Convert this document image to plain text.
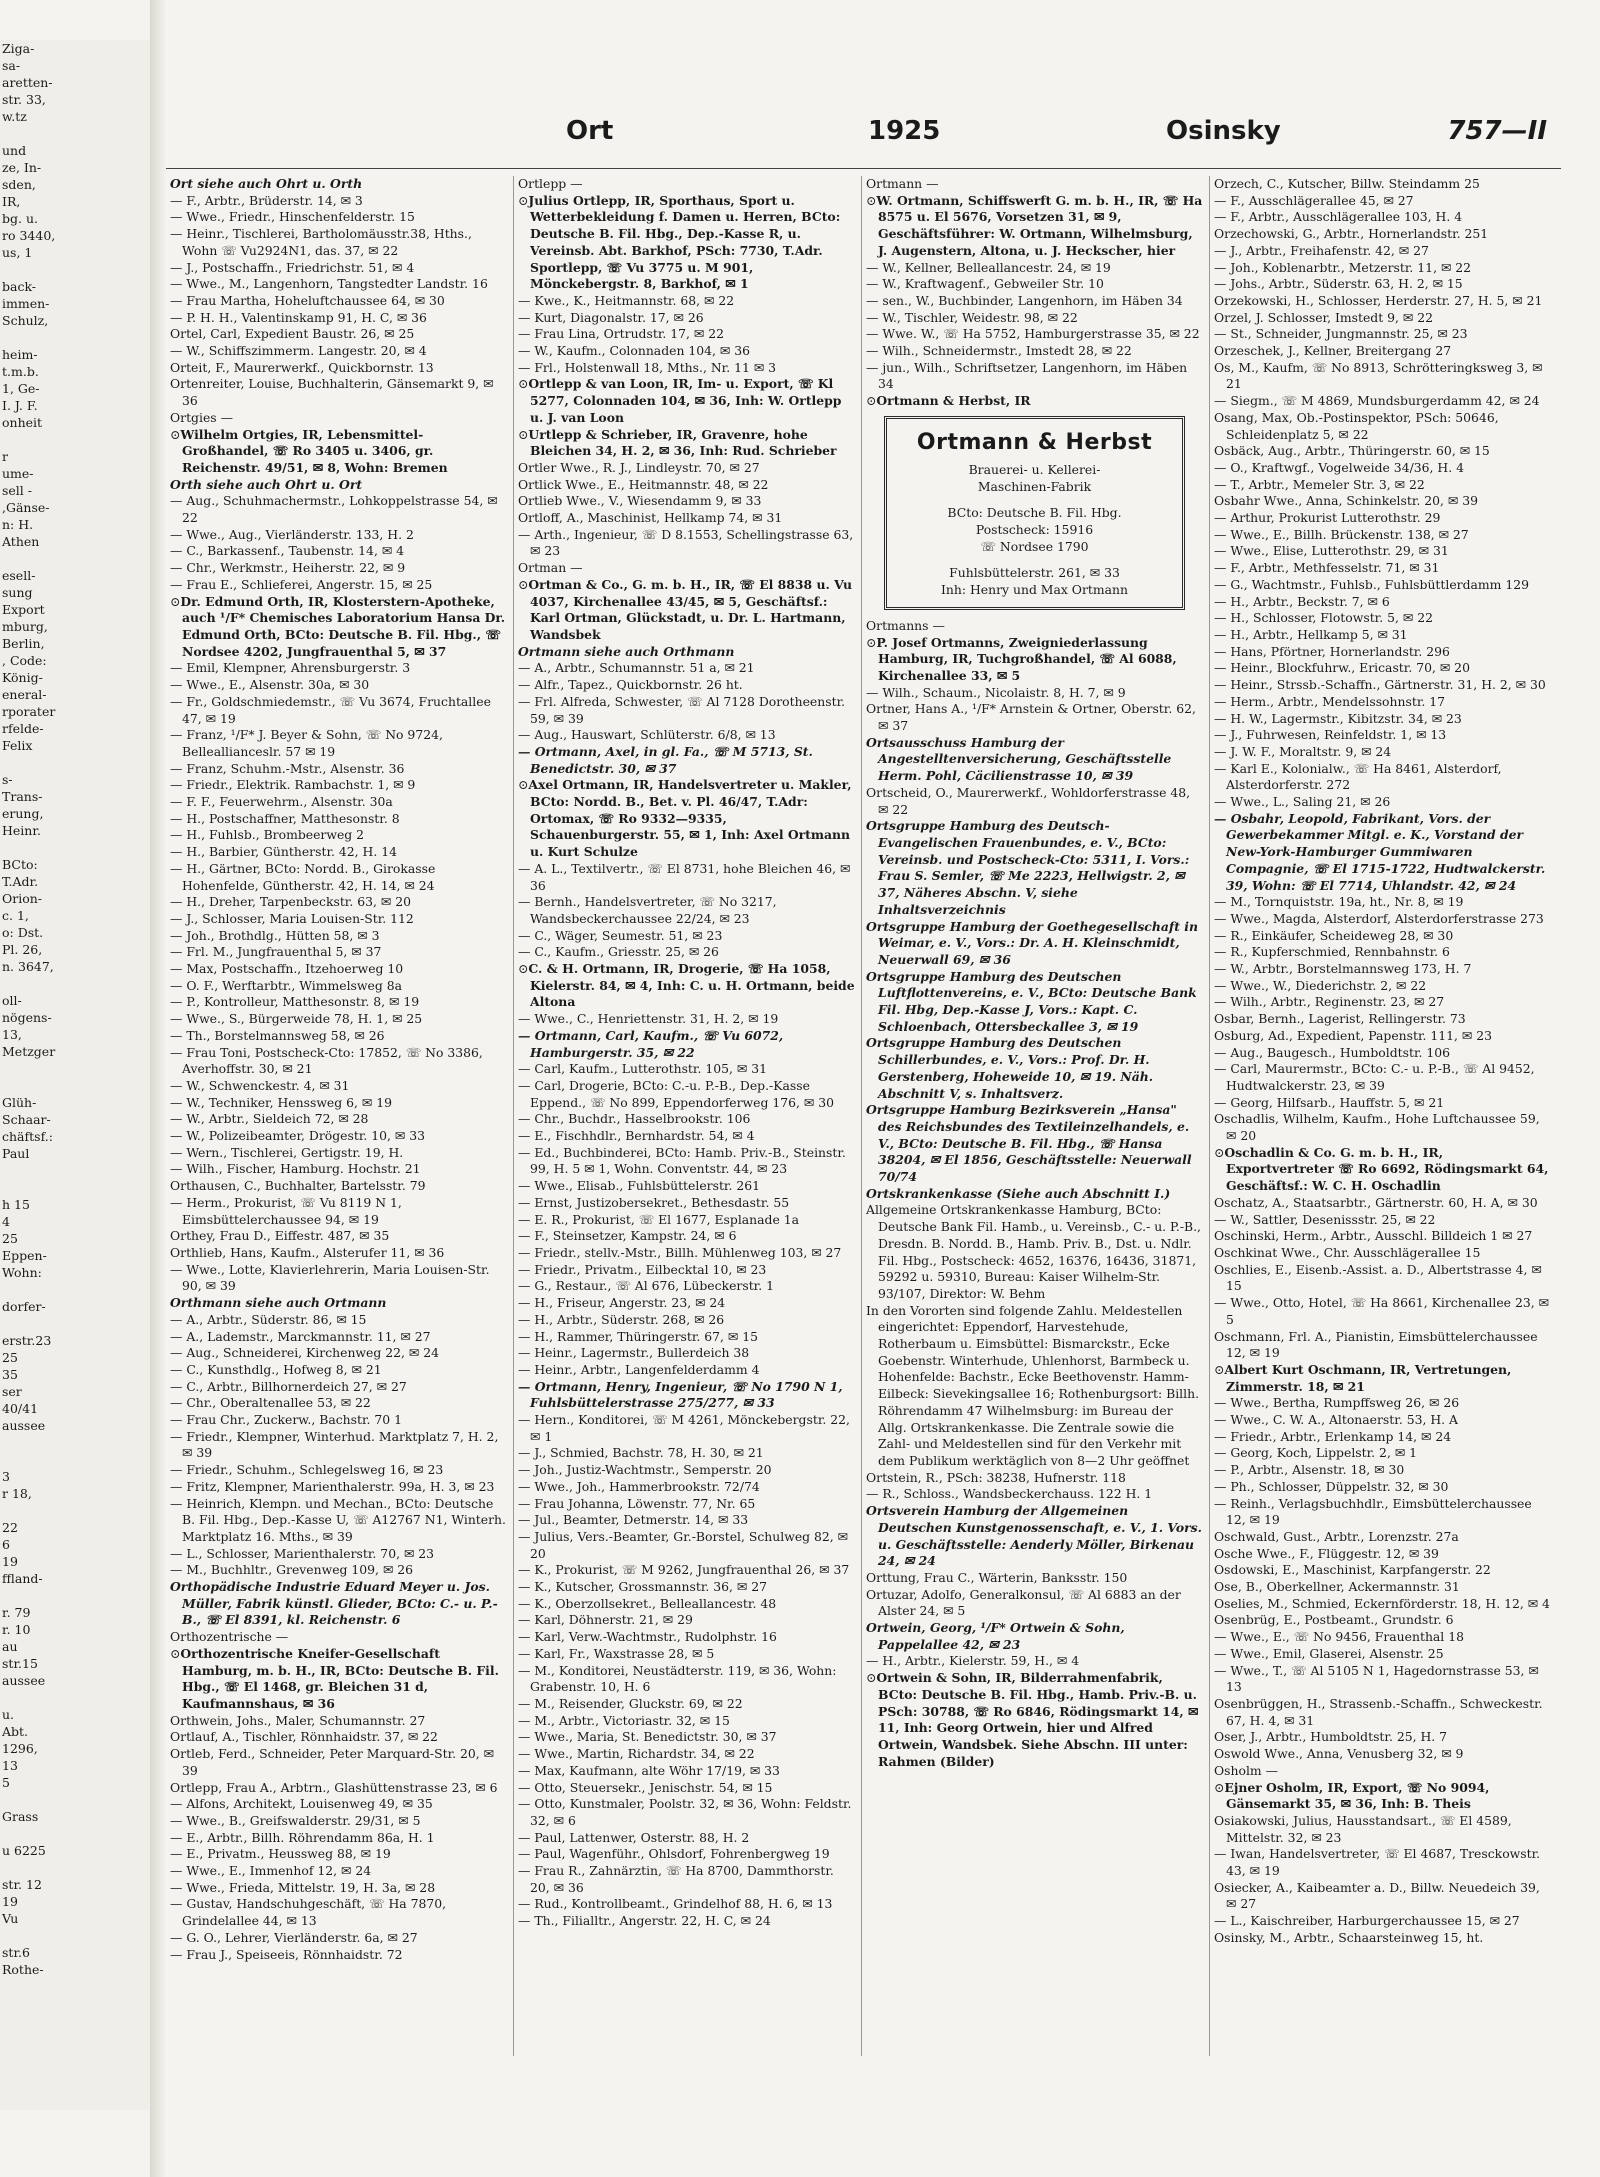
Ziga-
sa-
aretten-
str. 33,
w.tz

und
ze, In-
sden,
IR,
bg. u.
ro 3440,
us, 1

back-
immen-
Schulz,

heim-
t.m.b.
1, Ge-
I. J. F.
onheit

r
ume-
sell -
,Gänse-
n: H.
Athen

esell-
sung
Export
mburg,
Berlin,
, Code:
König-
eneral-
rporater
rfelde-
Felix

s-
Trans-
erung,
Heinr.

BCto:
T.Adr.
Orion-
c. 1,
o: Dst.
Pl. 26,
n. 3647,

oll-
nögens-
13,
Metzger

Glüh-
Schaar-
chäftsf.:
Paul

h 15
4
25
Eppen-
Wohn:

dorfer-

erstr.23
25
35
ser
40/41
aussee

3
r 18,

22
6
19
ffland-

r. 79
r. 10
au
str.15
aussee

u.
Abt.
1296,
13
5

Grass

u 6225

str. 12
19
Vu

str.6
Rothe-
Ort	1925	Osinsky	757—II

Ort siehe auch Ohrt u. Orth

— F., Arbtr., Brüderstr. 14, ✉ 3

— Wwe., Friedr., Hinschenfelderstr. 15

— Heinr., Tischlerei, Bartholomäusstr.38, Hths., Wohn ☏ Vu2924N1, das. 37, ✉ 22

— J., Postschaffn., Friedrichstr. 51, ✉ 4

— Wwe., M., Langenhorn, Tangstedter Landstr. 16

— Frau Martha, Hoheluftchaussee 64, ✉ 30

— P. H. H., Valentinskamp 91, H. C, ✉ 36

Ortel, Carl, Expedient Baustr. 26, ✉ 25

— W., Schiffszimmerm. Langestr. 20, ✉ 4

Orteit, F., Maurerwerkf., Quickbornstr. 13

Ortenreiter, Louise, Buchhalterin, Gänsemarkt 9, ✉ 36

Ortgies —

⊙ Wilhelm Ortgies, IR, Lebensmittel-Großhandel, ☏ Ro 3405 u. 3406, gr. Reichenstr. 49/51, ✉ 8, Wohn: Bremen

Orth siehe auch Ohrt u. Ort

— Aug., Schuhmachermstr., Lohkoppelstrasse 54, ✉ 22

— Wwe., Aug., Vierländerstr. 133, H. 2

— C., Barkassenf., Taubenstr. 14, ✉ 4

— Chr., Werkmstr., Heiherstr. 22, ✉ 9

— Frau E., Schlieferei, Angerstr. 15, ✉ 25

⊙ Dr. Edmund Orth, IR, Klosterstern-Apotheke, auch ¹/F* Chemisches Laboratorium Hansa Dr. Edmund Orth, BCto: Deutsche B. Fil. Hbg., ☏ Nordsee 4202, Jungfrauenthal 5, ✉ 37

— Emil, Klempner, Ahrensburgerstr. 3

— Wwe., E., Alsenstr. 30a, ✉ 30

— Fr., Goldschmiedemstr., ☏ Vu 3674, Fruchtallee 47, ✉ 19

— Franz, ¹/F* J. Beyer & Sohn, ☏ No 9724, Belleallianceslr. 57 ✉ 19

— Franz, Schuhm.-Mstr., Alsenstr. 36

— Friedr., Elektrik. Rambachstr. 1, ✉ 9

— F. F., Feuerwehrm., Alsenstr. 30a

— H., Postschaffner, Matthesonstr. 8

— H., Fuhlsb., Brombeerweg 2

— H., Barbier, Güntherstr. 42, H. 14

— H., Gärtner, BCto: Nordd. B., Girokasse Hohenfelde, Güntherstr. 42, H. 14, ✉ 24

— H., Dreher, Tarpenbeckstr. 63, ✉ 20

— J., Schlosser, Maria Louisen-Str. 112

— Joh., Brothdlg., Hütten 58, ✉ 3

— Frl. M., Jungfrauenthal 5, ✉ 37

— Max, Postschaffn., Itzehoerweg 10

— O. F., Werftarbtr., Wimmelsweg 8a

— P., Kontrolleur, Matthesonstr. 8, ✉ 19

— Wwe., S., Bürgerweide 78, H. 1, ✉ 25

— Th., Borstelmannsweg 58, ✉ 26

— Frau Toni, Postscheck-Cto: 17852, ☏ No 3386, Averhoffstr. 30, ✉ 21

— W., Schwenckestr. 4, ✉ 31

— W., Techniker, Henssweg 6, ✉ 19

— W., Arbtr., Sieldeich 72, ✉ 28

— W., Polizeibeamter, Drögestr. 10, ✉ 33

— Wern., Tischlerei, Gertigstr. 19, H.

— Wilh., Fischer, Hamburg. Hochstr. 21

Orthausen, C., Buchhalter, Bartelsstr. 79

— Herm., Prokurist, ☏ Vu 8119 N 1, Eimsbüttelerchaussee 94, ✉ 19

Orthey, Frau D., Eiffestr. 487, ✉ 35

Orthlieb, Hans, Kaufm., Alsterufer 11, ✉ 36

— Wwe., Lotte, Klavierlehrerin, Maria Louisen-Str. 90, ✉ 39

Orthmann siehe auch Ortmann

— A., Arbtr., Süderstr. 86, ✉ 15

— A., Lademstr., Marckmannstr. 11, ✉ 27

— Aug., Schneiderei, Kirchenweg 22, ✉ 24

— C., Kunsthdlg., Hofweg 8, ✉ 21

— C., Arbtr., Billhornerdeich 27, ✉ 27

— Chr., Oberaltenallee 53, ✉ 22

— Frau Chr., Zuckerw., Bachstr. 70 1

— Friedr., Klempner, Winterhud. Marktplatz 7, H. 2, ✉ 39

— Friedr., Schuhm., Schlegelsweg 16, ✉ 23

— Fritz, Klempner, Marienthalerstr. 99a, H. 3, ✉ 23

— Heinrich, Klempn. und Mechan., BCto: Deutsche B. Fil. Hbg., Dep.-Kasse U, ☏ A12767 N1, Winterh. Marktplatz 16. Mths., ✉ 39

— L., Schlosser, Marienthalerstr. 70, ✉ 23

— M., Buchhltr., Grevenweg 109, ✉ 26

Orthopädische Industrie Eduard Meyer u. Jos. Müller, Fabrik künstl. Glieder, BCto: C.- u. P.-B., ☏ El 8391, kl. Reichenstr. 6

Orthozentrische —

⊙ Orthozentrische Kneifer-Gesellschaft Hamburg, m. b. H., IR, BCto: Deutsche B. Fil. Hbg., ☏ El 1468, gr. Bleichen 31 d, Kaufmannshaus, ✉ 36

Orthwein, Johs., Maler, Schumannstr. 27

Ortlauf, A., Tischler, Rönnhaidstr. 37, ✉ 22

Ortleb, Ferd., Schneider, Peter Marquard-Str. 20, ✉ 39

Ortlepp, Frau A., Arbtrn., Glashüttenstrasse 23, ✉ 6

— Alfons, Architekt, Louisenweg 49, ✉ 35

— Wwe., B., Greifswalderstr. 29/31, ✉ 5

— E., Arbtr., Billh. Röhrendamm 86a, H. 1

— E., Privatm., Heussweg 88, ✉ 19

— Wwe., E., Immenhof 12, ✉ 24

— Wwe., Frieda, Mittelstr. 19, H. 3a, ✉ 28

— Gustav, Handschuhgeschäft, ☏ Ha 7870, Grindelallee 44, ✉ 13

— G. O., Lehrer, Vierländerstr. 6a, ✉ 27

— Frau J., Speiseeis, Rönnhaidstr. 72

Ortlepp —

⊙ Julius Ortlepp, IR, Sporthaus, Sport u. Wetterbekleidung f. Damen u. Herren, BCto: Deutsche B. Fil. Hbg., Dep.-Kasse R, u. Vereinsb. Abt. Barkhof, PSch: 7730, T.Adr. Sportlepp, ☏ Vu 3775 u. M 901, Mönckebergstr. 8, Barkhof, ✉ 1

— Kwe., K., Heitmannstr. 68, ✉ 22

— Kurt, Diagonalstr. 17, ✉ 26

— Frau Lina, Ortrudstr. 17, ✉ 22

— W., Kaufm., Colonnaden 104, ✉ 36

— Frl., Holstenwall 18, Mths., Nr. 11 ✉ 3

⊙ Ortlepp & van Loon, IR, Im- u. Export, ☏ Kl 5277, Colonnaden 104, ✉ 36, Inh: W. Ortlepp u. J. van Loon

⊙ Urtlepp & Schrieber, IR, Gravenre, hohe Bleichen 34, H. 2, ✉ 36, Inh: Rud. Schrieber

Ortler Wwe., R. J., Lindleystr. 70, ✉ 27

Ortlick Wwe., E., Heitmannstr. 48, ✉ 22

Ortlieb Wwe., V., Wiesendamm 9, ✉ 33

Ortloff, A., Maschinist, Hellkamp 74, ✉ 31

— Arth., Ingenieur, ☏ D 8.1553, Schellingstrasse 63, ✉ 23

Ortman —

⊙ Ortman & Co., G. m. b. H., IR, ☏ El 8838 u. Vu 4037, Kirchenallee 43/45, ✉ 5, Geschäftsf.: Karl Ortman, Glückstadt, u. Dr. L. Hartmann, Wandsbek

Ortmann siehe auch Orthmann

— A., Arbtr., Schumannstr. 51 a, ✉ 21

— Alfr., Tapez., Quickbornstr. 26 ht.

— Frl. Alfreda, Schwester, ☏ Al 7128 Dorotheenstr. 59, ✉ 39

— Aug., Hauswart, Schlüterstr. 6/8, ✉ 13

— Ortmann, Axel, in gl. Fa., ☏ M 5713, St. Benedictstr. 30, ✉ 37

⊙ Axel Ortmann, IR, Handelsvertreter u. Makler, BCto: Nordd. B., Bet. v. Pl. 46/47, T.Adr: Ortomax, ☏ Ro 9332—9335, Schauenburgerstr. 55, ✉ 1, Inh: Axel Ortmann u. Kurt Schulze

— A. L., Textilvertr., ☏ El 8731, hohe Bleichen 46, ✉ 36

— Bernh., Handelsvertreter, ☏ No 3217, Wandsbeckerchaussee 22/24, ✉ 23

— C., Wäger, Seumestr. 51, ✉ 23

— C., Kaufm., Griesstr. 25, ✉ 26

⊙ C. & H. Ortmann, IR, Drogerie, ☏ Ha 1058, Kielerstr. 84, ✉ 4, Inh: C. u. H. Ortmann, beide Altona

— Wwe., C., Henriettenstr. 31, H. 2, ✉ 19

— Ortmann, Carl, Kaufm., ☏ Vu 6072, Hamburgerstr. 35, ✉ 22

— Carl, Kaufm., Lutterothstr. 105, ✉ 31

— Carl, Drogerie, BCto: C.-u. P.-B., Dep.-Kasse Eppend., ☏ No 899, Eppendorferweg 176, ✉ 30

— Chr., Buchdr., Hasselbrookstr. 106

— E., Fischhdlr., Bernhardstr. 54, ✉ 4

— Ed., Buchbinderei, BCto: Hamb. Priv.-B., Steinstr. 99, H. 5 ✉ 1, Wohn. Conventstr. 44, ✉ 23

— Wwe., Elisab., Fuhlsbüttelerstr. 261

— Ernst, Justizobersekret., Bethesdastr. 55

— E. R., Prokurist, ☏ El 1677, Esplanade 1a

— F., Steinsetzer, Kampstr. 24, ✉ 6

— Friedr., stellv.-Mstr., Billh. Mühlenweg 103, ✉ 27

— Friedr., Privatm., Eilbecktal 10, ✉ 23

— G., Restaur., ☏ Al 676, Lübeckerstr. 1

— H., Friseur, Angerstr. 23, ✉ 24

— H., Arbtr., Süderstr. 268, ✉ 26

— H., Rammer, Thüringerstr. 67, ✉ 15

— Heinr., Lagermstr., Bullerdeich 38

— Heinr., Arbtr., Langenfelderdamm 4

— Ortmann, Henry, Ingenieur, ☏ No 1790 N 1, Fuhlsbüttelerstrasse 275/277, ✉ 33

— Hern., Konditorei, ☏ M 4261, Mönckebergstr. 22, ✉ 1

— J., Schmied, Bachstr. 78, H. 30, ✉ 21

— Joh., Justiz-Wachtmstr., Semperstr. 20

— Wwe., Joh., Hammerbrookstr. 72/74

— Frau Johanna, Löwenstr. 77, Nr. 65

— Jul., Beamter, Detmerstr. 14, ✉ 33

— Julius, Vers.-Beamter, Gr.-Borstel, Schulweg 82, ✉ 20

— K., Prokurist, ☏ M 9262, Jungfrauenthal 26, ✉ 37

— K., Kutscher, Grossmannstr. 36, ✉ 27

— K., Oberzollsekret., Belleallancestr. 48

— Karl, Döhnerstr. 21, ✉ 29

— Karl, Verw.-Wachtmstr., Rudolphstr. 16

— Karl, Fr., Waxstrasse 28, ✉ 5

— M., Konditorei, Neustädterstr. 119, ✉ 36, Wohn: Grabenstr. 10, H. 6

— M., Reisender, Gluckstr. 69, ✉ 22

— M., Arbtr., Victoriastr. 32, ✉ 15

— Wwe., Maria, St. Benedictstr. 30, ✉ 37

— Wwe., Martin, Richardstr. 34, ✉ 22

— Max, Kaufmann, alte Wöhr 17/19, ✉ 33

— Otto, Steuersekr., Jenischstr. 54, ✉ 15

— Otto, Kunstmaler, Poolstr. 32, ✉ 36, Wohn: Feldstr. 32, ✉ 6

— Paul, Lattenwer, Osterstr. 88, H. 2

— Paul, Wagenführ., Ohlsdorf, Fohrenbergweg 19

— Frau R., Zahnärztin, ☏ Ha 8700, Dammthorstr. 20, ✉ 36

— Rud., Kontrollbeamt., Grindelhof 88, H. 6, ✉ 13

— Th., Filialltr., Angerstr. 22, H. C, ✉ 24

Ortmann —

⊙ W. Ortmann, Schiffswerft G. m. b. H., IR, ☏ Ha 8575 u. El 5676, Vorsetzen 31, ✉ 9, Geschäftsführer: W. Ortmann, Wilhelmsburg, J. Augenstern, Altona, u. J. Heckscher, hier

— W., Kellner, Belleallancestr. 24, ✉ 19

— W., Kraftwagenf., Gebweiler Str. 10

— sen., W., Buchbinder, Langenhorn, im Häben 34

— W., Tischler, Weidestr. 98, ✉ 22

— Wwe. W., ☏ Ha 5752, Hamburgerstrasse 35, ✉ 22

— Wilh., Schneidermstr., Imstedt 28, ✉ 22

— jun., Wilh., Schriftsetzer, Langenhorn, im Häben 34

⊙ Ortmann & Herbst, IR

Ortmann & Herbst
Brauerei- u. Kellerei-
Maschinen-Fabrik
BCto: Deutsche B. Fil. Hbg.
Postscheck: 15916
☏ Nordsee 1790
Fuhlsbüttelerstr. 261, ✉ 33
Inh: Henry und Max Ortmann

Ortmanns —

⊙ P. Josef Ortmanns, Zweigniederlassung Hamburg, IR, Tuchgroßhandel, ☏ Al 6088, Kirchenallee 33, ✉ 5

— Wilh., Schaum., Nicolaistr. 8, H. 7, ✉ 9

Ortner, Hans A., ¹/F* Arnstein & Ortner, Oberstr. 62, ✉ 37

Ortsausschuss Hamburg der Angestelltenversicherung, Geschäftsstelle Herm. Pohl, Cäcilienstrasse 10, ✉ 39

Ortscheid, O., Maurerwerkf., Wohldorferstrasse 48, ✉ 22

Ortsgruppe Hamburg des Deutsch-Evangelischen Frauenbundes, e. V., BCto: Vereinsb. und Postscheck-Cto: 5311, I. Vors.: Frau S. Semler, ☏ Me 2223, Hellwigstr. 2, ✉ 37, Näheres Abschn. V, siehe Inhaltsverzeichnis

Ortsgruppe Hamburg der Goethegesellschaft in Weimar, e. V., Vors.: Dr. A. H. Kleinschmidt, Neuerwall 69, ✉ 36

Ortsgruppe Hamburg des Deutschen Luftflottenvereins, e. V., BCto: Deutsche Bank Fil. Hbg, Dep.-Kasse J, Vors.: Kapt. C. Schloenbach, Ottersbeckallee 3, ✉ 19

Ortsgruppe Hamburg des Deutschen Schillerbundes, e. V., Vors.: Prof. Dr. H. Gerstenberg, Hoheweide 10, ✉ 19. Näh. Abschnitt V, s. Inhaltsverz.

Ortsgruppe Hamburg Bezirksverein „Hansa" des Reichsbundes des Textileinzelhandels, e. V., BCto: Deutsche B. Fil. Hbg., ☏ Hansa 38204, ✉ El 1856, Geschäftsstelle: Neuerwall 70/74

Ortskrankenkasse (Siehe auch Abschnitt I.)

Allgemeine Ortskrankenkasse Hamburg, BCto: Deutsche Bank Fil. Hamb., u. Vereinsb., C.- u. P.-B., Dresdn. B. Nordd. B., Hamb. Priv. B., Dst. u. Ndlr. Fil. Hbg., Postscheck: 4652, 16376, 16436, 31871, 59292 u. 59310, Bureau: Kaiser Wilhelm-Str. 93/107, Direktor: W. Behm

In den Vororten sind folgende Zahlu. Meldestellen eingerichtet: Eppendorf, Harvestehude, Rotherbaum u. Eimsbüttel: Bismarckstr., Ecke Goebenstr. Winterhude, Uhlenhorst, Barmbeck u. Hohenfelde: Bachstr., Ecke Beethovenstr. Hamm-Eilbeck: Sievekingsallee 16; Rothenburgsort: Billh. Röhrendamm 47 Wilhelmsburg: im Bureau der Allg. Ortskrankenkasse. Die Zentrale sowie die Zahl- und Meldestellen sind für den Verkehr mit dem Publikum werktäglich von 8—2 Uhr geöffnet

Ortstein, R., PSch: 38238, Hufnerstr. 118

— R., Schloss., Wandsbeckerchauss. 122 H. 1

Ortsverein Hamburg der Allgemeinen Deutschen Kunstgenossenschaft, e. V., 1. Vors. u. Geschäftsstelle: Aenderly Möller, Birkenau 24, ✉ 24

Orttung, Frau C., Wärterin, Banksstr. 150

Ortuzar, Adolfo, Generalkonsul, ☏ Al 6883 an der Alster 24, ✉ 5

Ortwein, Georg, ¹/F* Ortwein & Sohn, Pappelallee 42, ✉ 23

— H., Arbtr., Kielerstr. 59, H., ✉ 4

⊙ Ortwein & Sohn, IR, Bilderrahmenfabrik, BCto: Deutsche B. Fil. Hbg., Hamb. Priv.-B. u. PSch: 30788, ☏ Ro 6846, Rödingsmarkt 14, ✉ 11, Inh: Georg Ortwein, hier und Alfred Ortwein, Wandsbek. Siehe Abschn. III unter: Rahmen (Bilder)

Orzech, C., Kutscher, Billw. Steindamm 25

— F., Ausschlägerallee 45, ✉ 27

— F., Arbtr., Ausschlägerallee 103, H. 4

Orzechowski, G., Arbtr., Hornerlandstr. 251

— J., Arbtr., Freihafenstr. 42, ✉ 27

— Joh., Koblenarbtr., Metzerstr. 11, ✉ 22

— Johs., Arbtr., Süderstr. 63, H. 2, ✉ 15

Orzekowski, H., Schlosser, Herderstr. 27, H. 5, ✉ 21

Orzel, J. Schlosser, Imstedt 9, ✉ 22

— St., Schneider, Jungmannstr. 25, ✉ 23

Orzeschek, J., Kellner, Breitergang 27

Os, M., Kaufm, ☏ No 8913, Schrötteringksweg 3, ✉ 21

— Siegm., ☏ M 4869, Mundsburgerdamm 42, ✉ 24

Osang, Max, Ob.-Postinspektor, PSch: 50646, Schleidenplatz 5, ✉ 22

Osbäck, Aug., Arbtr., Thüringerstr. 60, ✉ 15

— O., Kraftwgf., Vogelweide 34/36, H. 4

— T., Arbtr., Memeler Str. 3, ✉ 22

Osbahr Wwe., Anna, Schinkelstr. 20, ✉ 39

— Arthur, Prokurist Lutterothstr. 29

— Wwe., E., Billh. Brückenstr. 138, ✉ 27

— Wwe., Elise, Lutterothstr. 29, ✉ 31

— F., Arbtr., Methfesselstr. 71, ✉ 31

— G., Wachtmstr., Fuhlsb., Fuhlsbüttlerdamm 129

— H., Arbtr., Beckstr. 7, ✉ 6

— H., Schlosser, Flotowstr. 5, ✉ 22

— H., Arbtr., Hellkamp 5, ✉ 31

— Hans, Pförtner, Hornerlandstr. 296

— Heinr., Blockfuhrw., Ericastr. 70, ✉ 20

— Heinr., Strssb.-Schaffn., Gärtnerstr. 31, H. 2, ✉ 30

— Herm., Arbtr., Mendelssohnstr. 17

— H. W., Lagermstr., Kibitzstr. 34, ✉ 23

— J., Fuhrwesen, Reinfeldstr. 1, ✉ 13

— J. W. F., Moraltstr. 9, ✉ 24

— Karl E., Kolonialw., ☏ Ha 8461, Alsterdorf, Alsterdorferstr. 272

— Wwe., L., Saling 21, ✉ 26

— Osbahr, Leopold, Fabrikant, Vors. der Gewerbekammer Mitgl. e. K., Vorstand der New-York-Hamburger Gummiwaren Compagnie, ☏ El 1715-1722, Hudtwalckerstr. 39, Wohn: ☏ El 7714, Uhlandstr. 42, ✉ 24

— M., Tornquiststr. 19a, ht., Nr. 8, ✉ 19

— Wwe., Magda, Alsterdorf, Alsterdorferstrasse 273

— R., Einkäufer, Scheideweg 28, ✉ 30

— R., Kupferschmied, Rennbahnstr. 6

— W., Arbtr., Borstelmannsweg 173, H. 7

— Wwe., W., Diederichstr. 2, ✉ 22

— Wilh., Arbtr., Reginenstr. 23, ✉ 27

Osbar, Bernh., Lagerist, Rellingerstr. 73

Osburg, Ad., Expedient, Papenstr. 111, ✉ 23

— Aug., Baugesch., Humboldtstr. 106

— Carl, Maurermstr., BCto: C.- u. P.-B., ☏ Al 9452, Hudtwalckerstr. 23, ✉ 39

— Georg, Hilfsarb., Hauffstr. 5, ✉ 21

Oschadlis, Wilhelm, Kaufm., Hohe Luftchaussee 59, ✉ 20

⊙ Oschadlin & Co. G. m. b. H., IR, Exportvertreter ☏ Ro 6692, Rödingsmarkt 64, Geschäftsf.: W. C. H. Oschadlin

Oschatz, A., Staatsarbtr., Gärtnerstr. 60, H. A, ✉ 30

— W., Sattler, Desenissstr. 25, ✉ 22

Oschinski, Herm., Arbtr., Ausschl. Billdeich 1 ✉ 27

Oschkinat Wwe., Chr. Ausschlägerallee 15

Oschlies, E., Eisenb.-Assist. a. D., Albertstrasse 4, ✉ 15

— Wwe., Otto, Hotel, ☏ Ha 8661, Kirchenallee 23, ✉ 5

Oschmann, Frl. A., Pianistin, Eimsbüttelerchaussee 12, ✉ 19

⊙ Albert Kurt Oschmann, IR, Vertretungen, Zimmerstr. 18, ✉ 21

— Wwe., Bertha, Rumpffsweg 26, ✉ 26

— Wwe., C. W. A., Altonaerstr. 53, H. A

— Friedr., Arbtr., Erlenkamp 14, ✉ 24

— Georg, Koch, Lippelstr. 2, ✉ 1

— P., Arbtr., Alsenstr. 18, ✉ 30

— Ph., Schlosser, Düppelstr. 32, ✉ 30

— Reinh., Verlagsbuchhdlr., Eimsbüttelerchaussee 12, ✉ 19

Oschwald, Gust., Arbtr., Lorenzstr. 27a

Osche Wwe., F., Flüggestr. 12, ✉ 39

Osdowski, E., Maschinist, Karpfangerstr. 22

Ose, B., Oberkellner, Ackermannstr. 31

Oselies, M., Schmied, Eckernförderstr. 18, H. 12, ✉ 4

Osenbrüg, E., Postbeamt., Grundstr. 6

— Wwe., E., ☏ No 9456, Frauenthal 18

— Wwe., Emil, Glaserei, Alsenstr. 25

— Wwe., T., ☏ Al 5105 N 1, Hagedornstrasse 53, ✉ 13

Osenbrüggen, H., Strassenb.-Schaffn., Schweckestr. 67, H. 4, ✉ 31

Oser, J., Arbtr., Humboldtstr. 25, H. 7

Oswold Wwe., Anna, Venusberg 32, ✉ 9

Osholm —

⊙ Ejner Osholm, IR, Export, ☏ No 9094, Gänsemarkt 35, ✉ 36, Inh: B. Theis

Osiakowski, Julius, Hausstandsart., ☏ El 4589, Mittelstr. 32, ✉ 23

— Iwan, Handelsvertreter, ☏ El 4687, Tresckowstr. 43, ✉ 19

Osiecker, A., Kaibeamter a. D., Billw. Neuedeich 39, ✉ 27

— L., Kaischreiber, Harburgerchaussee 15, ✉ 27

Osinsky, M., Arbtr., Schaarsteinweg 15, ht.
